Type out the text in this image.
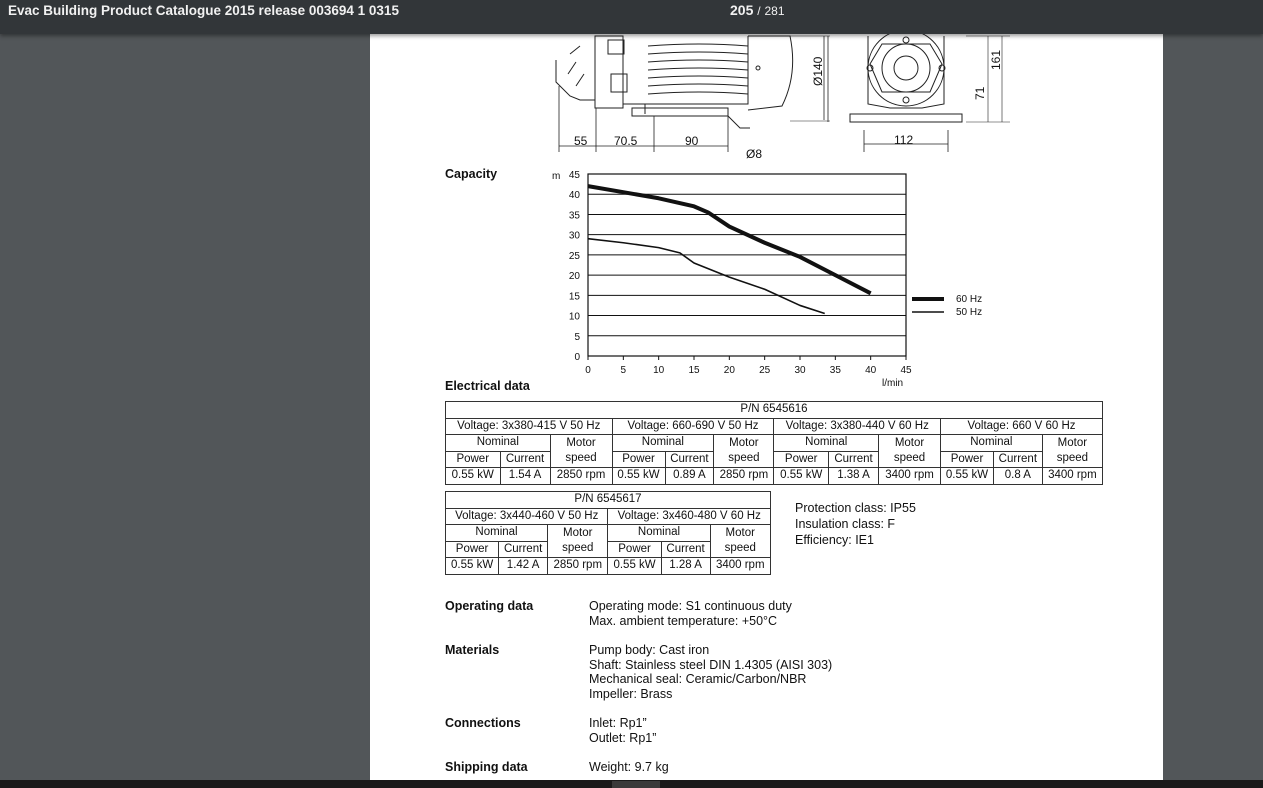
Evac Building Product Catalogue 2015 release 003694 1 0315	205 / 281
55 70.5	90
Ø8
112
Ø140
71
161
Capacity
0
5
10
15
20
25
30
35
40
45
0	5	10 15 20 25 30 35 40 45
m
l/min
60 Hz
50 Hz
Electrical data
P/N 6545616											
Voltage: 3x380-415 V 50 Hz			Voltage: 660-690 V 50 Hz			Voltage: 3x380-440 V 60 Hz			Voltage: 660 V 60 Hz		
Nominal		Motor
speed	Nominal		Motor
speed	Nominal		Motor
speed	Nominal		Motor
speed
Power	Current		Power	Current		Power	Current		Power	Current	
0.55 kW	1.54 A	2850 rpm	0.55 kW	0.89 A	2850 rpm	0.55 kW	1.38 A	3400 rpm	0.55 kW	0.8 A	3400 rpm
P/N 6545617					
Voltage: 3x440-460 V 50 Hz			Voltage: 3x460-480 V 60 Hz		
Nominal		Motor
speed	Nominal		Motor
speed
Power	Current		Power	Current	
0.55 kW	1.42 A	2850 rpm	0.55 kW	1.28 A	3400 rpm
Protection class: IP55
Insulation class: F
Efficiency: IE1
Operating data	Operating mode: S1 continuous duty
Max. ambient temperature: +50°C
Materials	Pump body: Cast iron
Shaft: Stainless steel DIN 1.4305 (AISI 303)
Mechanical seal: Ceramic/Carbon/NBR
Impeller: Brass
Connections	Inlet: Rp1”
Outlet: Rp1”
Shipping data	Weight: 9.7 kg
